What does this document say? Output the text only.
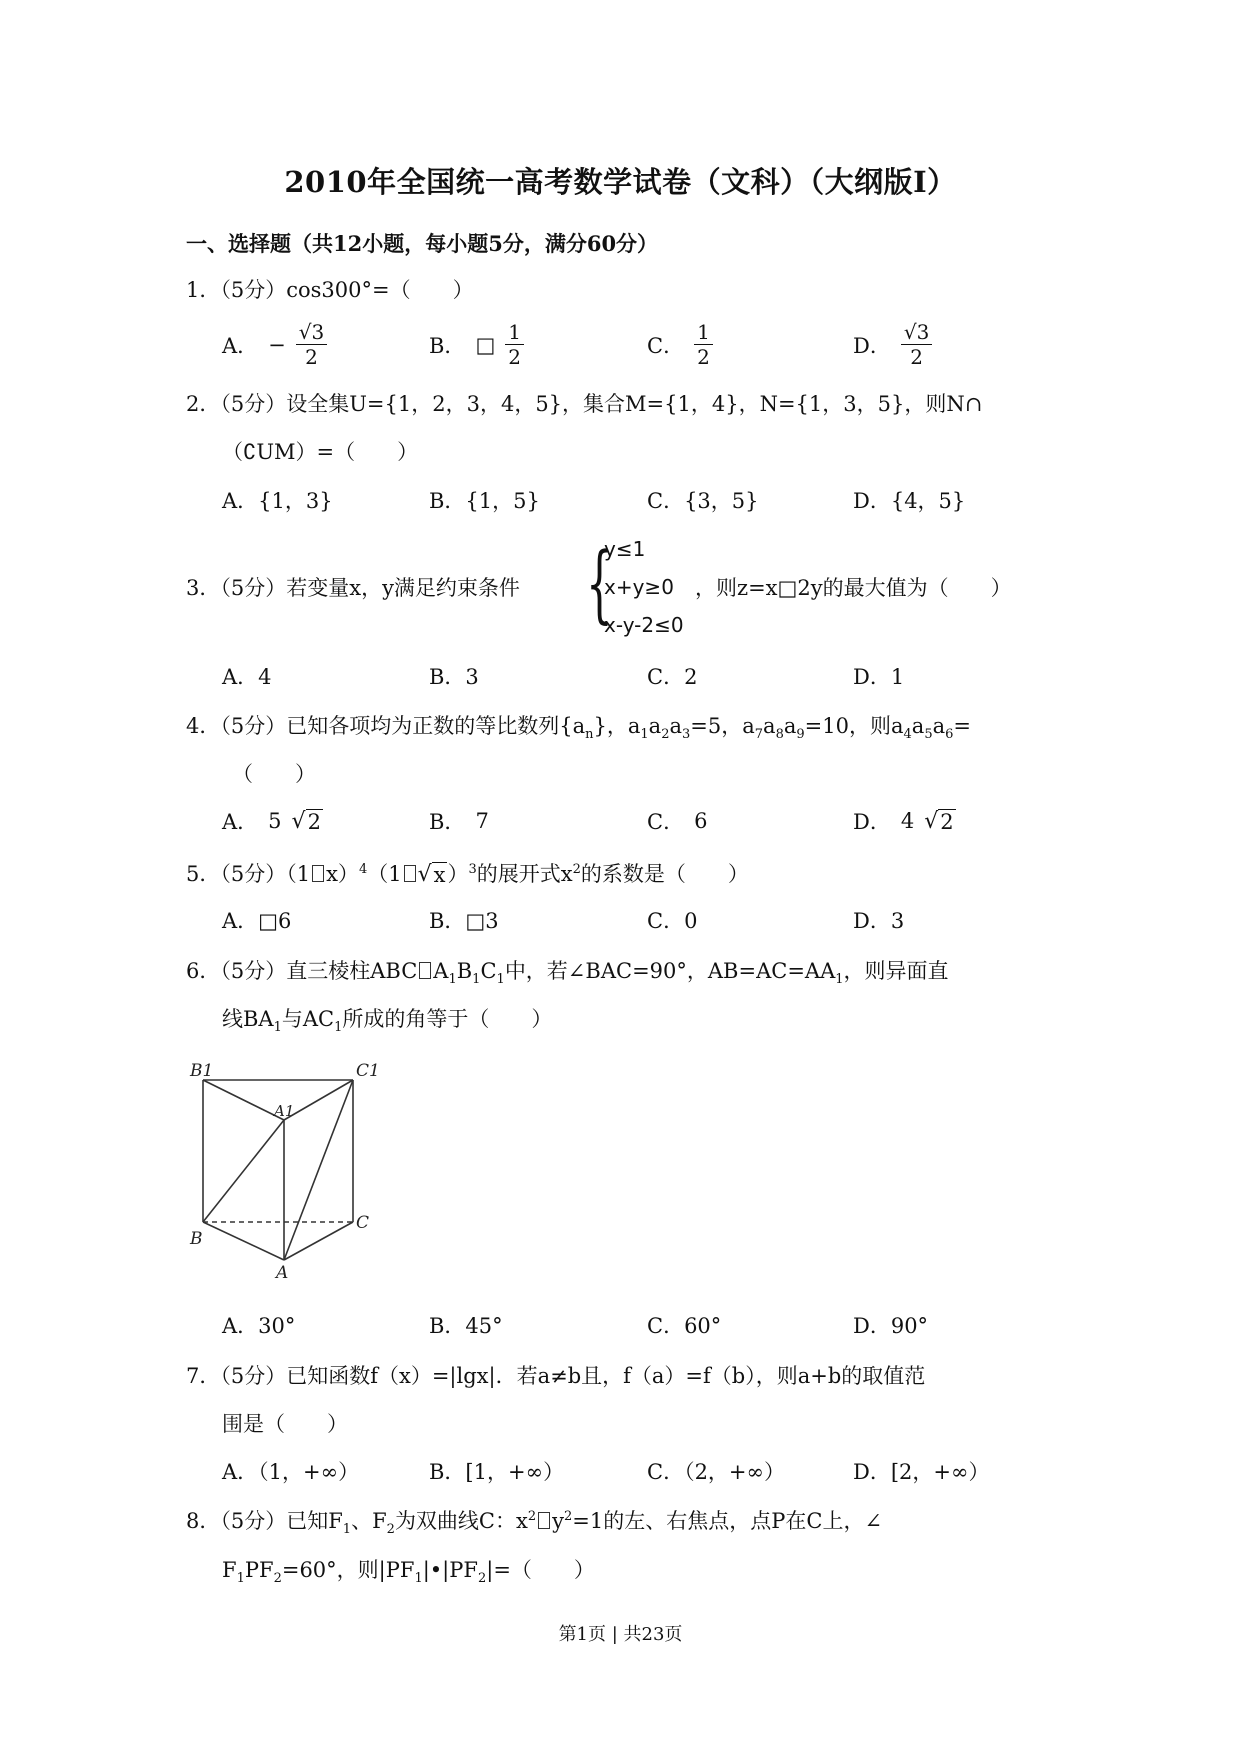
2010年全国统一高考数学试卷（文科）（大纲版I）
一、选择题（共12小题，每小题5分，满分60分）
1．（5分）cos300°=（　　）
A． − $\frac{√3}{2}$	B． □ $\frac{1}{2}$	C． $\frac{1}{2}$	D． $\frac{√3}{2}$
2．（5分）设全集U={1，2，3，4，5}，集合M={1，4}，N={1，3，5}，则N∩
（∁UM）=（　　）
A．{1，3}	B．{1，5}	C．{3，5}	D．{4，5}
3．（5分）若变量x，y满足约束条件 {
y≤1
x+y≥0
x-y-2≤0
，则z=x□2y的最大值为（　　）
A．4	B．3	C．2	D．1
4．（5分）已知各项均为正数的等比数列$\{a_n\}$，$a_1a_2a_3=5$，$a_7a_8a_9=10$，则$a_4a_5a_6=$
（　　）
A． 5 √ 2	B． 7	C． 6	D． 4 √ 2
5．（5分）（1 x）$^4$（1 √ x ）$^3$的展开式$x^2$的系数是（　　）
A．□6	B．□3	C．0	D．3
6．（5分）直三棱柱ABC $A_1B_1C_1$中，若∠BAC=90°，$AB=AC=AA_1$，则异面直
线$BA_1$与$AC_1$所成的角等于（　　）
B1	C1
A1
B
C
A
A．30°	B．45°	C．60°	D．90°
7．（5分）已知函数f（x）=|lgx|．若a≠b且，f（a）=f（b），则a+b的取值范
围是（　　）
A．（1，+∞）	B．[1，+∞）	C．（2，+∞）	D．[2，+∞）
8．（5分）已知$F_1$、$F_2$为双曲线C：$x^2$ $y^2=1$的左、右焦点，点P在C上，∠
$F_1PF_2=60^\circ$，则$|PF_1|•|PF_2|=$（　　）
第1页 | 共23页
